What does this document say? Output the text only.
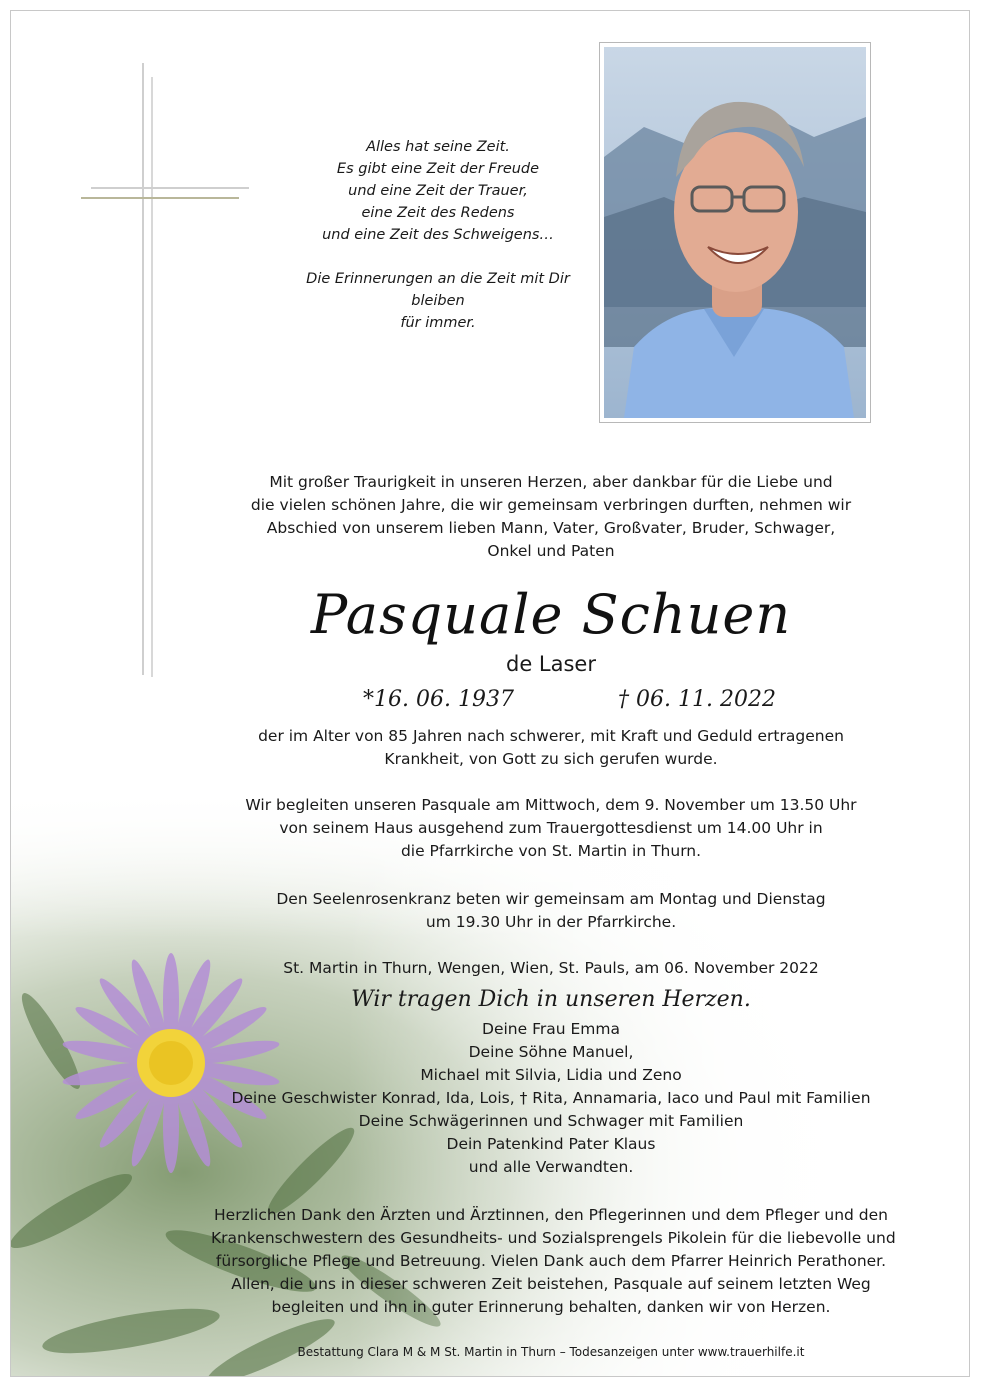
Alles hat seine Zeit.
Es gibt eine Zeit der Freude
und eine Zeit der Trauer,
eine Zeit des Redens
und eine Zeit des Schweigens…
Die Erinnerungen an die Zeit mit Dir
bleiben
für immer.
Mit großer Traurigkeit in unseren Herzen, aber dankbar für die Liebe und
die vielen schönen Jahre, die wir gemeinsam verbringen durften, nehmen wir
Abschied von unserem lieben Mann, Vater, Großvater, Bruder, Schwager,
Onkel und Paten
Pasquale Schuen
de Laser
*16. 06. 1937	† 06. 11. 2022
der im Alter von 85 Jahren nach schwerer, mit Kraft und Geduld ertragenen
Krankheit, von Gott zu sich gerufen wurde.
Wir begleiten unseren Pasquale am Mittwoch, dem 9. November um 13.50 Uhr
von seinem Haus ausgehend zum Trauergottesdienst um 14.00 Uhr in
die Pfarrkirche von St. Martin in Thurn.
Den Seelenrosenkranz beten wir gemeinsam am Montag und Dienstag
um 19.30 Uhr in der Pfarrkirche.
St. Martin in Thurn, Wengen, Wien, St. Pauls, am 06. November 2022
Wir tragen Dich in unseren Herzen.
Deine Frau Emma
Deine Söhne Manuel,
Michael mit Silvia, Lidia und Zeno
Deine Geschwister Konrad, Ida, Lois, † Rita, Annamaria, Iaco und Paul mit Familien
Deine Schwägerinnen und Schwager mit Familien
Dein Patenkind Pater Klaus
und alle Verwandten.
Herzlichen Dank den Ärzten und Ärztinnen, den Pflegerinnen und dem Pfleger und den
Krankenschwestern des Gesundheits- und Sozialsprengels Pikolein für die liebevolle und
fürsorgliche Pflege und Betreuung. Vielen Dank auch dem Pfarrer Heinrich Perathoner.
Allen, die uns in dieser schweren Zeit beistehen, Pasquale auf seinem letzten Weg
begleiten und ihn in guter Erinnerung behalten, danken wir von Herzen.
Bestattung Clara M & M St. Martin in Thurn – Todesanzeigen unter www.trauerhilfe.it
